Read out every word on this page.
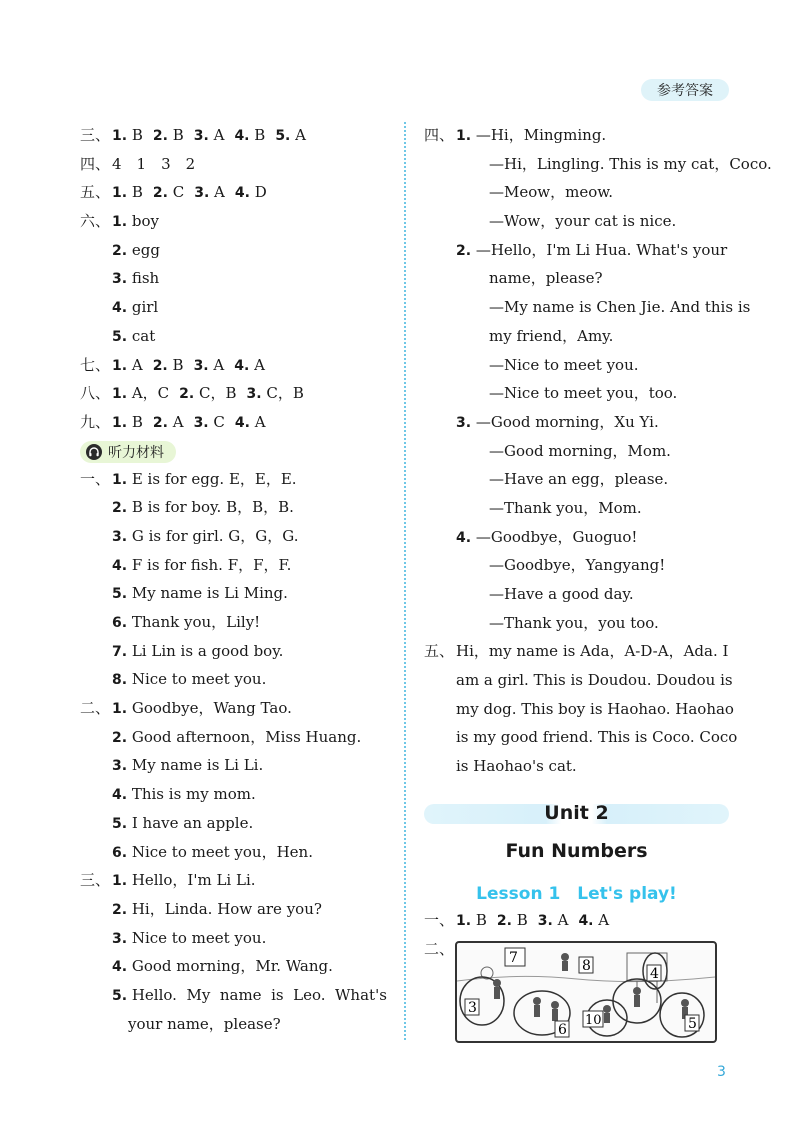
参考答案
三、 1. B 2. B 3. A 4. B 5. A
四、 4　1　3　2
五、 1. B 2. C 3. A 4. D
六、 1. boy
2. egg
3. fish
4. girl
5. cat
七、 1. A 2. B 3. A 4. A
八、 1. A，C 2. C，B 3. C，B
九、 1. B 2. A 3. C 4. A
听力材料
一、 1. E is for egg. E，E，E.
2. B is for boy. B，B，B.
3. G is for girl. G，G，G.
4. F is for fish. F，F，F.
5. My name is Li Ming.
6. Thank you，Lily!
7. Li Lin is a good boy.
8. Nice to meet you.
二、 1. Goodbye，Wang Tao.
2. Good afternoon，Miss Huang.
3. My name is Li Li.
4. This is my mom.
5. I have an apple.
6. Nice to meet you，Hen.
三、 1. Hello，I'm Li Li.
2. Hi，Linda. How are you?
3. Nice to meet you.
4. Good morning，Mr. Wang.
5. Hello.  My  name  is  Leo.  What's
your name，please?
四、 1. —Hi，Mingming.
—Hi，Lingling. This is my cat，Coco.
—Meow，meow.
—Wow，your cat is nice.
2. —Hello，I'm Li Hua. What's your
name，please?
—My name is Chen Jie. And this is
my friend，Amy.
—Nice to meet you.
—Nice to meet you，too.
3. —Good morning，Xu Yi.
—Good morning，Mom.
—Have an egg，please.
—Thank you，Mom.
4. —Goodbye，Guoguo!
—Goodbye，Yangyang!
—Have a good day.
—Thank you，you too.
五、 Hi，my name is Ada，A-D-A，Ada. I
am a girl. This is Doudou. Doudou is
my dog. This boy is Haohao. Haohao
is my good friend. This is Coco. Coco
is Haohao's cat.
Unit 2
Fun Numbers
Lesson 1　Let's play!
一、 1. B 2. B 3. A 4. A
二、	7	8	4
3
6
10	5
3
